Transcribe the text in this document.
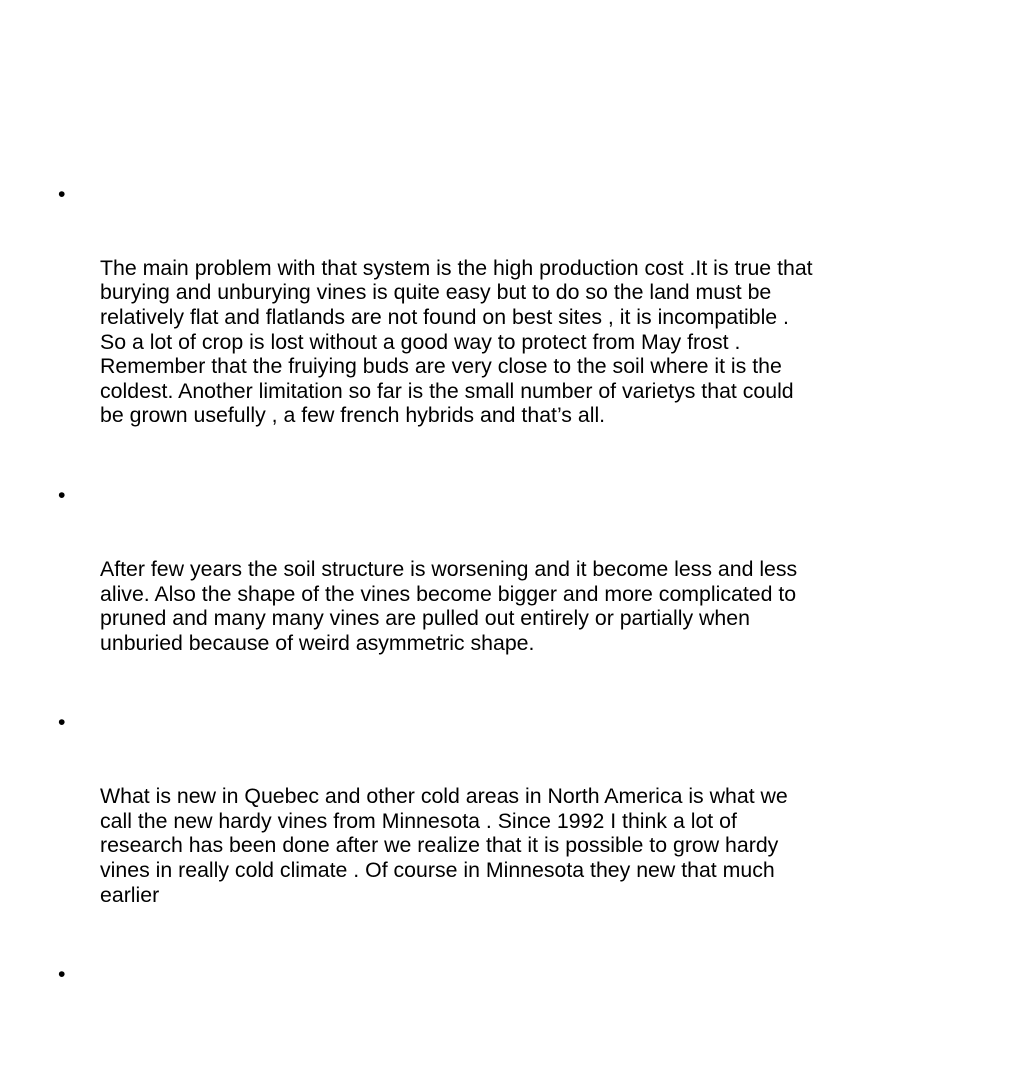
•

The main problem with that system is the high production cost .It is true that
burying and unburying vines is quite easy but to do so the land must be
relatively flat and flatlands are not found on best sites , it is incompatible .
So a lot of crop is lost without a good way to protect from May frost .
Remember that the fruiying buds are very close to the soil where it is the
coldest. Another limitation so far is the small number of varietys that could
be grown usefully , a few french hybrids and that’s all.

•

After few years the soil structure is worsening and it become less and less
alive. Also the shape of the vines become bigger and more complicated to
pruned and many many vines are pulled out entirely or partially when
unburied because of weird asymmetric shape.

•

What is new in Quebec and other cold areas in North America is what we
call the new hardy vines from Minnesota . Since 1992 I think a lot of
research has been done after we realize that it is possible to grow hardy
vines in really cold climate . Of course in Minnesota they new that much
earlier

•
